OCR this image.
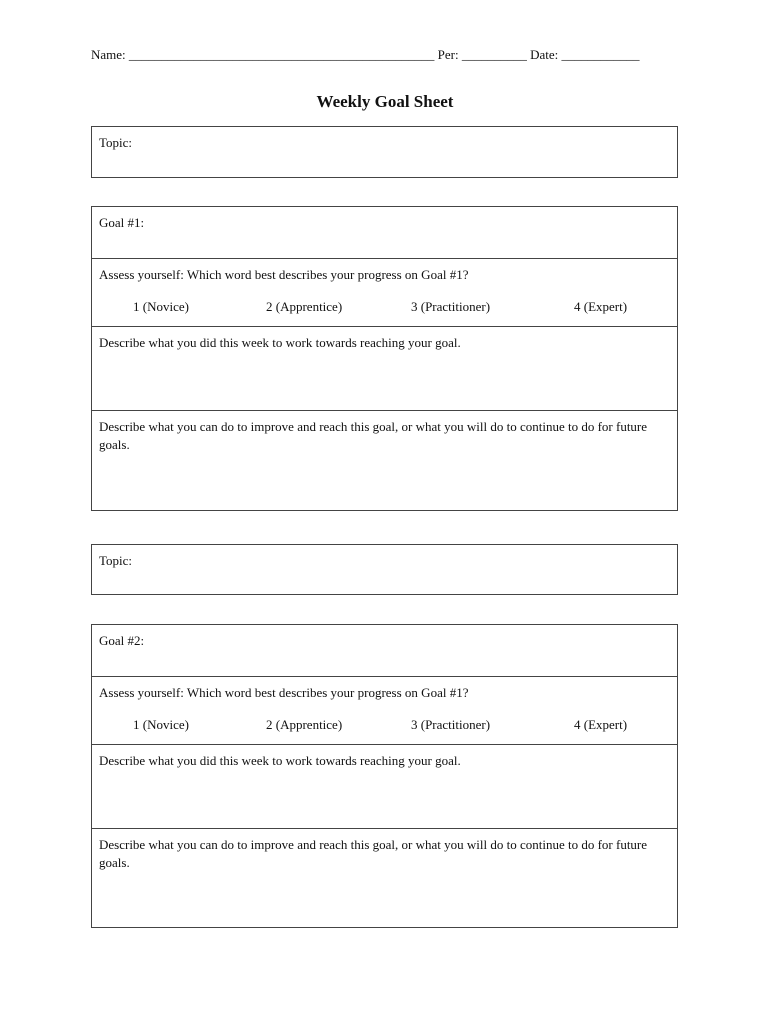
Name: _______________________________________________ Per: __________ Date: ____________
Weekly Goal Sheet
Topic:
Goal #1:
Assess yourself: Which word best describes your progress on Goal #1?
1 (Novice)	2 (Apprentice)	3 (Practitioner)	4 (Expert)
Describe what you did this week to work towards reaching your goal.
Describe what you can do to improve and reach this goal, or what you will do to continue to do for future goals.
Topic:
Goal #2:
Assess yourself: Which word best describes your progress on Goal #1?
1 (Novice)	2 (Apprentice)	3 (Practitioner)	4 (Expert)
Describe what you did this week to work towards reaching your goal.
Describe what you can do to improve and reach this goal, or what you will do to continue to do for future goals.
